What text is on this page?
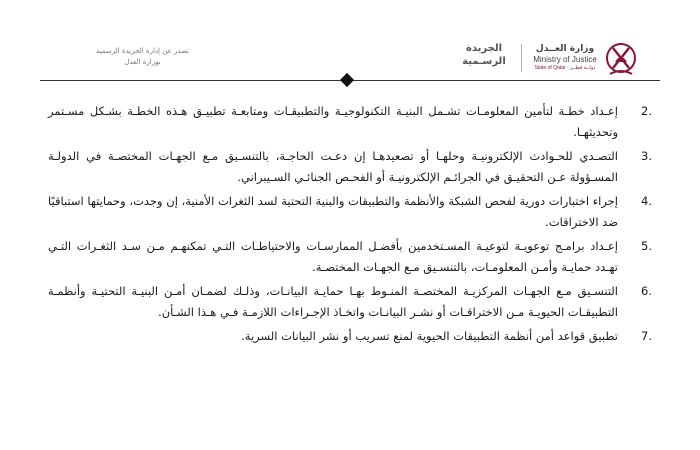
تصدر عن إدارة الجريدة الرسمية
بوزارة العدل
الجريدة
الرسـمية
وزارة العــدل
Ministry of Justice
State of Qatar · دولــة قطــر
2.
إعـداد خطـة لتأمين المعلومـات تشـمل البنيـة التكنولوجيـة والتطبيقـات ومتابعـة تطبيـق هـذه الخطـة بشـكل مسـتمر وتحديثهـا.
3.
التصـدي للحـوادث الإلكترونيـة وحلهـا أو تصعيدهـا إن دعـت الحاجـة، بالتنسـيق مـع الجهـات المختصـة في الدولـة المسـؤولة عـن التحقيـق في الجرائـم الإلكترونيـة أو الفحـص الجنائـي السـيبراني.
4.
إجراء اختبارات دورية لفحص الشبكة والأنظمة والتطبيقات والبنية التحتية لسد الثغرات الأمنية، إن وجدت، وحمايتها استباقيًا ضد الاختراقات.
5.
إعـداد برامـج توعويـة لتوعيـة المسـتخدمين بأفضـل الممارسـات والاحتياطـات التـي تمكنهـم مـن سـد الثغـرات التـي تهـدد حمايـة وأمـن المعلومـات، بالتنسـيق مـع الجهـات المختصـة.
6.
التنسـيق مـع الجهـات المركزيـة المختصـة المنـوط بهـا حمايـة البيانـات، وذلـك لضمـان أمـن البنيـة التحتيـة وأنظمـة التطبيقـات الحيويـة مـن الاختراقـات أو نشـر البيانـات واتخـاذ الإجـراءات اللازمـة فـي هـذا الشـأن.
7.
تطبيق قواعد أمن أنظمة التطبيقات الحيوية لمنع تسريب أو نشر البيانات السرية.
